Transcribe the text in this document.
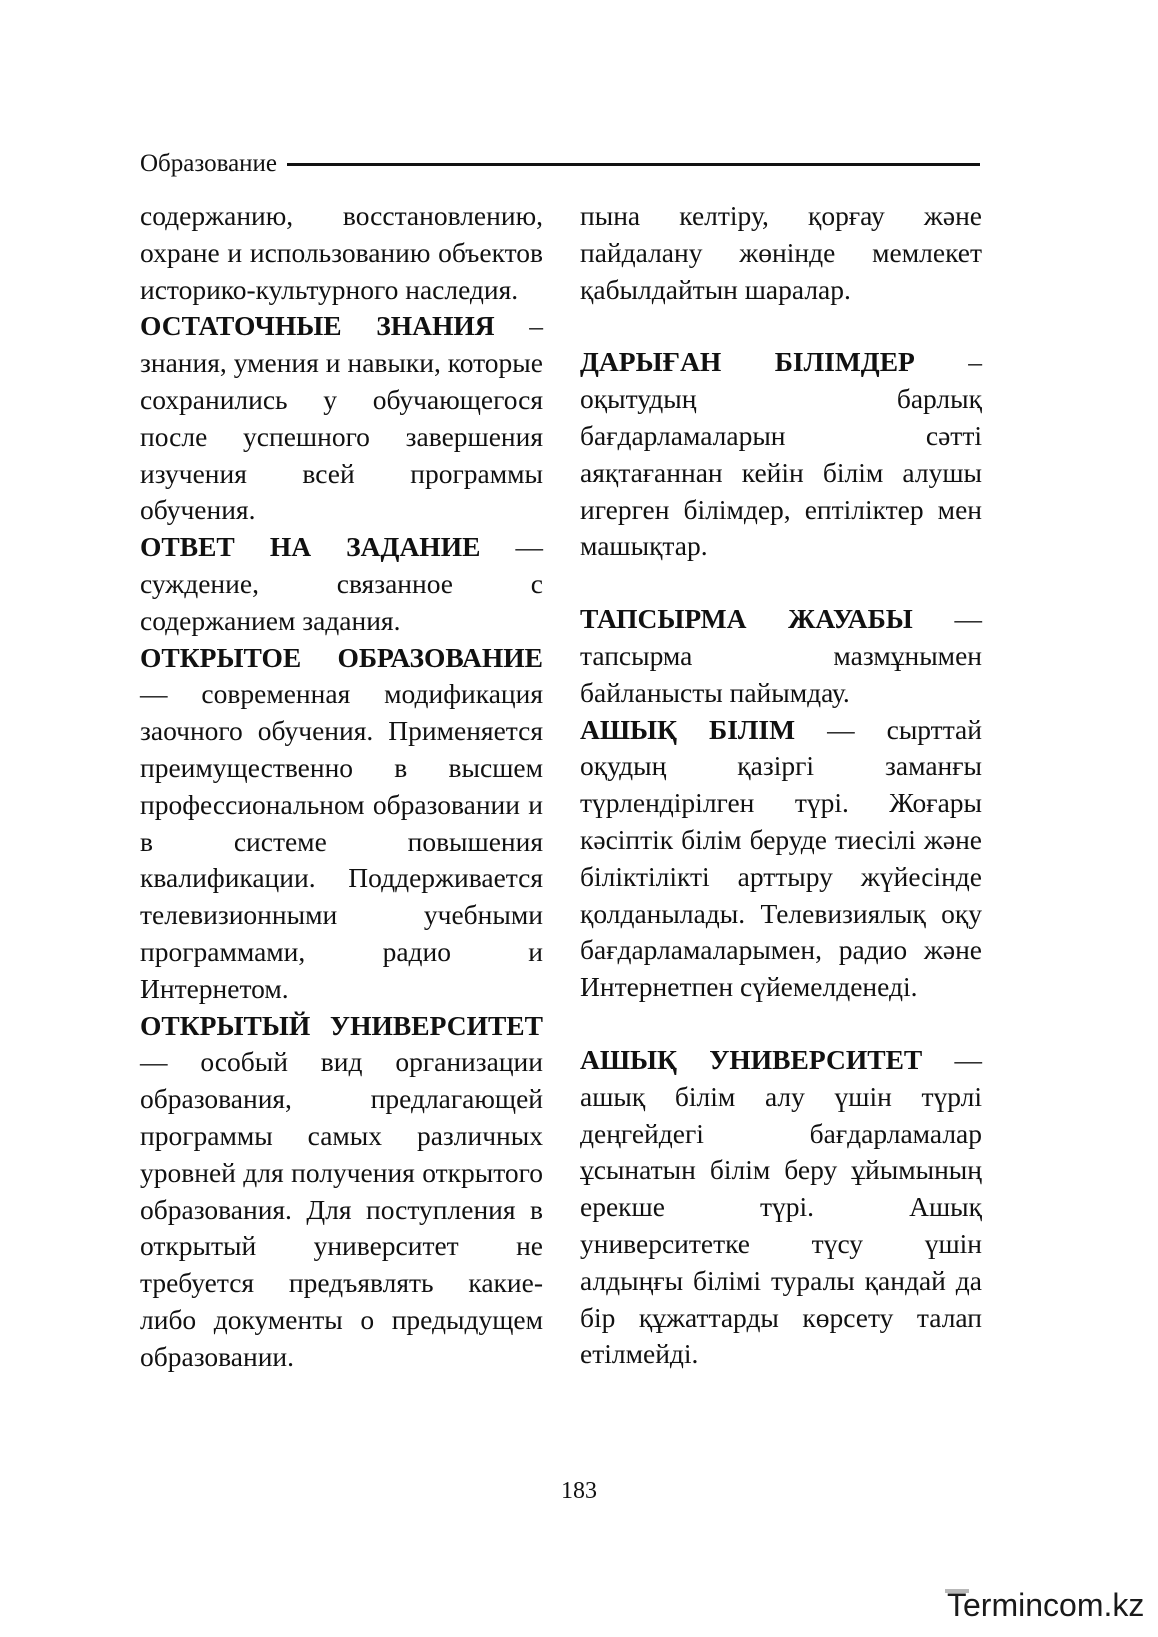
Образование

содержанию, восстановлению, охране и использованию объектов историко-культурного наследия.

ОСТАТОЧНЫЕ ЗНАНИЯ – знания, умения и навыки, которые сохранились у обучающегося после успешного завершения изучения всей программы обучения.

ОТВЕТ НА ЗАДАНИЕ — суждение, связанное с содержанием задания.

ОТКРЫТОЕ ОБРАЗОВАНИЕ — современная модификация заочного обучения. Применяется преимущественно в высшем профессиональном образовании и в системе повышения квалификации. Поддерживается телевизионными учебными программами, радио и Интернетом.

ОТКРЫТЫЙ УНИВЕРСИТЕТ — особый вид организации образования, предлагающей программы самых различных уровней для получения открытого образования. Для поступления в открытый университет не требуется предъявлять какие-либо документы о предыдущем образовании.

пына келтіру, қорғау және пайдалану жөнінде мемлекет қабылдайтын шаралар.

ДАРЫҒАН БІЛІМДЕР – оқытудың барлық бағдарламаларын сәтті аяқтағаннан кейін білім алушы игерген білімдер, ептіліктер мен машықтар.

ТАПСЫРМА ЖАУАБЫ — тапсырма мазмұнымен байланысты пайымдау.

АШЫҚ БІЛІМ — сырттай оқудың қазіргі заманғы түрлендірілген түрі. Жоғары кәсіптік білім беруде тиесілі және біліктілікті арттыру жүйесінде қолданылады. Телевизиялық оқу бағдарламаларымен, радио және Интернетпен сүйемелденеді.

АШЫҚ УНИВЕРСИТЕТ — ашық білім алу үшін түрлі деңгейдегі бағдарламалар ұсынатын білім беру ұйымының ерекше түрі. Ашық университетке түсу үшін алдыңғы білімі туралы қандай да бір құжаттарды көрсету талап етілмейді.

183
Termincom.kz
